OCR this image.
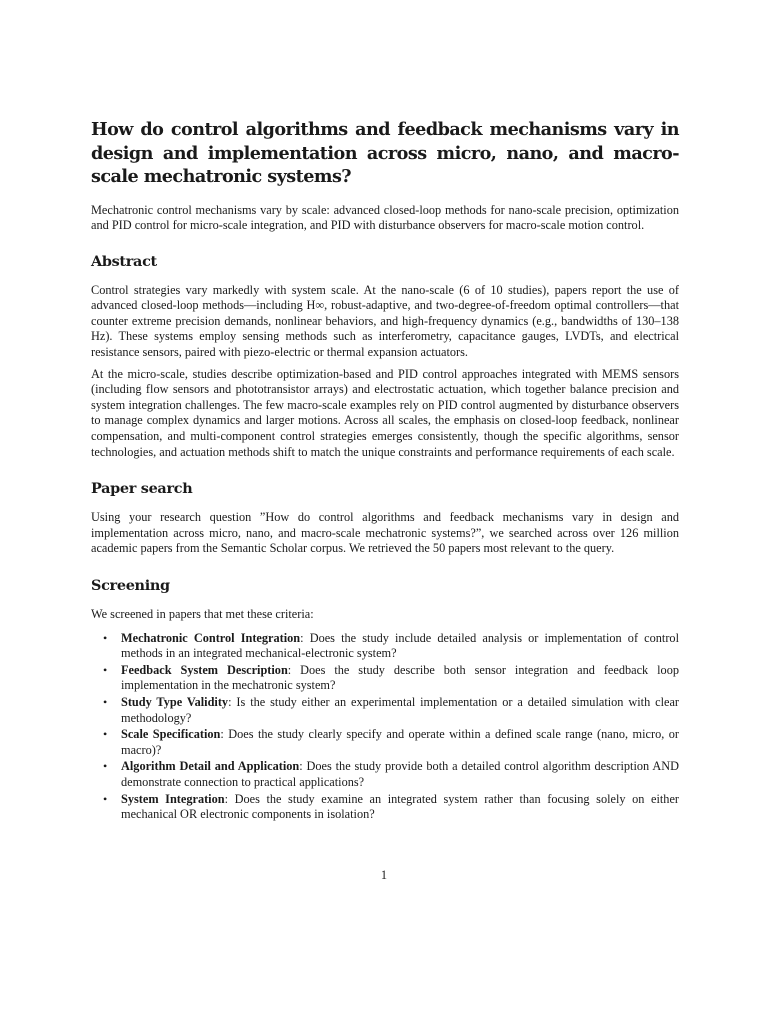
How do control algorithms and feedback mechanisms vary in design and implementation across micro, nano, and macro-scale mechatronic systems?

Mechatronic control mechanisms vary by scale: advanced closed-loop methods for nano-scale precision, optimization and PID control for micro-scale integration, and PID with disturbance observers for macro-scale motion control.

Abstract

Control strategies vary markedly with system scale. At the nano-scale (6 of 10 studies), papers report the use of advanced closed-loop methods—including H∞, robust-adaptive, and two-degree-of-freedom optimal controllers—that counter extreme precision demands, nonlinear behaviors, and high-frequency dynamics (e.g., bandwidths of 130–138 Hz). These systems employ sensing methods such as interferometry, capacitance gauges, LVDTs, and electrical resistance sensors, paired with piezo-electric or thermal expansion actuators.

At the micro-scale, studies describe optimization-based and PID control approaches integrated with MEMS sensors (including flow sensors and phototransistor arrays) and electrostatic actuation, which together balance precision and system integration challenges. The few macro-scale examples rely on PID control augmented by disturbance observers to manage complex dynamics and larger motions. Across all scales, the emphasis on closed-loop feedback, nonlinear compensation, and multi-component control strategies emerges consistently, though the specific algorithms, sensor technologies, and actuation methods shift to match the unique constraints and performance requirements of each scale.

Paper search

Using your research question ”How do control algorithms and feedback mechanisms vary in design and implementation across micro, nano, and macro-scale mechatronic systems?”, we searched across over 126 million academic papers from the Semantic Scholar corpus. We retrieved the 50 papers most relevant to the query.

Screening

We screened in papers that met these criteria:

• Mechatronic Control Integration: Does the study include detailed analysis or implementation of control methods in an integrated mechanical-electronic system?
• Feedback System Description: Does the study describe both sensor integration and feedback loop implementation in the mechatronic system?
• Study Type Validity: Is the study either an experimental implementation or a detailed simulation with clear methodology?
• Scale Specification: Does the study clearly specify and operate within a defined scale range (nano, micro, or macro)?
• Algorithm Detail and Application: Does the study provide both a detailed control algorithm description AND demonstrate connection to practical applications?
• System Integration: Does the study examine an integrated system rather than focusing solely on either mechanical OR electronic components in isolation?
1
